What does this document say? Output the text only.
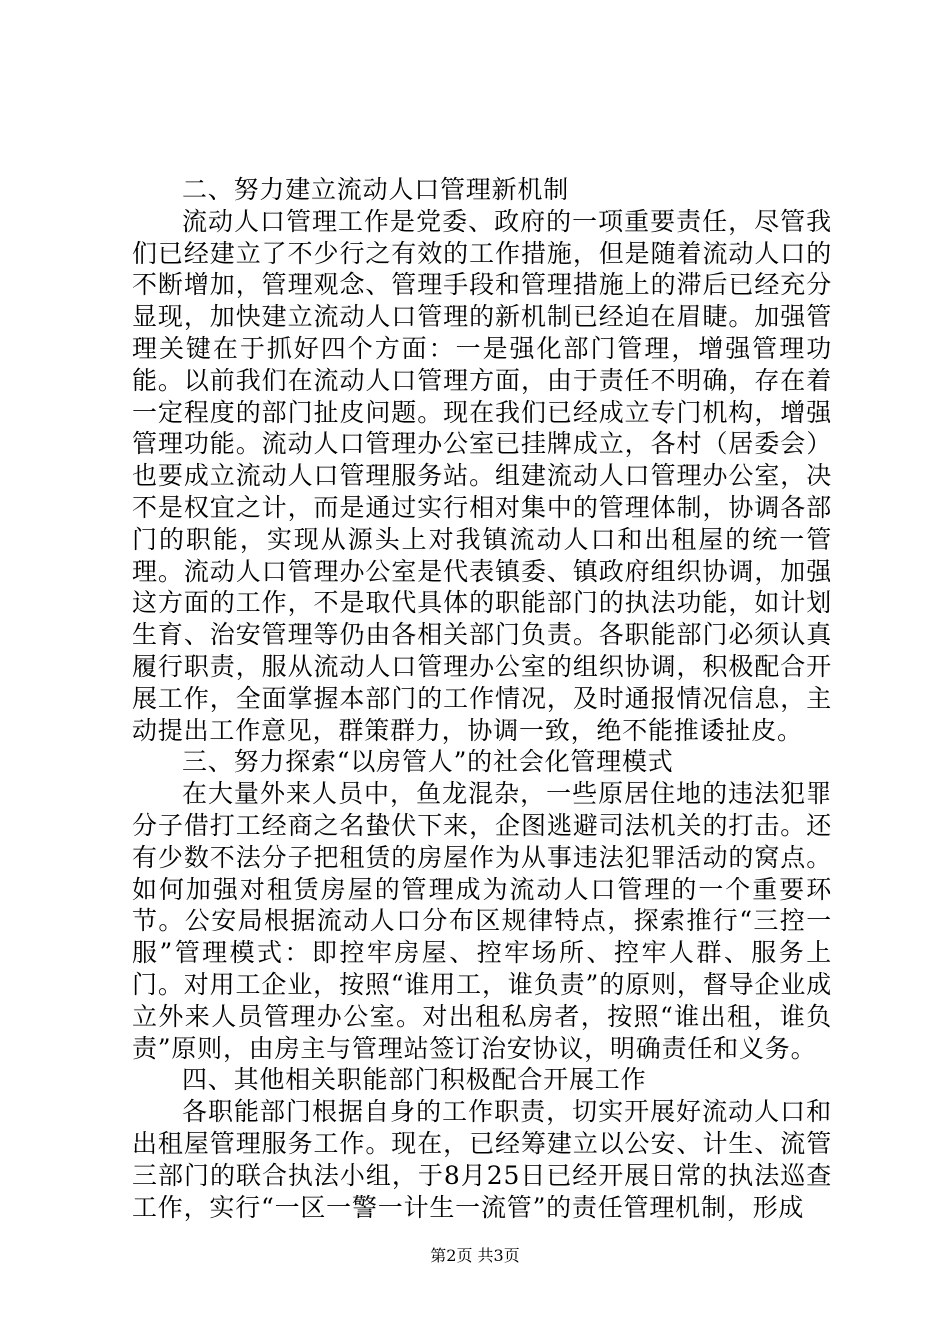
二、努力建立流动人口管理新机制

流动人口管理工作是党委、政府的一项重要责任，尽管我们已经建立了不少行之有效的工作措施，但是随着流动人口的不断增加，管理观念、管理手段和管理措施上的滞后已经充分显现，加快建立流动人口管理的新机制已经迫在眉睫。加强管理关键在于抓好四个方面：一是强化部门管理，增强管理功能。以前我们在流动人口管理方面，由于责任不明确，存在着一定程度的部门扯皮问题。现在我们已经成立专门机构，增强管理功能。流动人口管理办公室已挂牌成立，各村（居委会）也要成立流动人口管理服务站。组建流动人口管理办公室，决不是权宜之计，而是通过实行相对集中的管理体制，协调各部门的职能，实现从源头上对我镇流动人口和出租屋的统一管理。流动人口管理办公室是代表镇委、镇政府组织协调，加强这方面的工作，不是取代具体的职能部门的执法功能，如计划生育、治安管理等仍由各相关部门负责。各职能部门必须认真履行职责，服从流动人口管理办公室的组织协调，积极配合开展工作，全面掌握本部门的工作情况，及时通报情况信息，主动提出工作意见，群策群力，协调一致，绝不能推诿扯皮。

三、努力探索“以房管人”的社会化管理模式

在大量外来人员中，鱼龙混杂，一些原居住地的违法犯罪分子借打工经商之名蛰伏下来，企图逃避司法机关的打击。还有少数不法分子把租赁的房屋作为从事违法犯罪活动的窝点。如何加强对租赁房屋的管理成为流动人口管理的一个重要环节。公安局根据流动人口分布区规律特点，探索推行“三控一服”管理模式：即控牢房屋、控牢场所、控牢人群、服务上门。对用工企业，按照“谁用工，谁负责”的原则，督导企业成立外来人员管理办公室。对出租私房者，按照“谁出租，谁负责”原则，由房主与管理站签订治安协议，明确责任和义务。

四、其他相关职能部门积极配合开展工作

各职能部门根据自身的工作职责，切实开展好流动人口和出租屋管理服务工作。现在，已经筹建立以公安、计生、流管三部门的联合执法小组，于8月25日已经开展日常的执法巡查工作，实行“一区一警一计生一流管”的责任管理机制，形成

第2页 共3页
